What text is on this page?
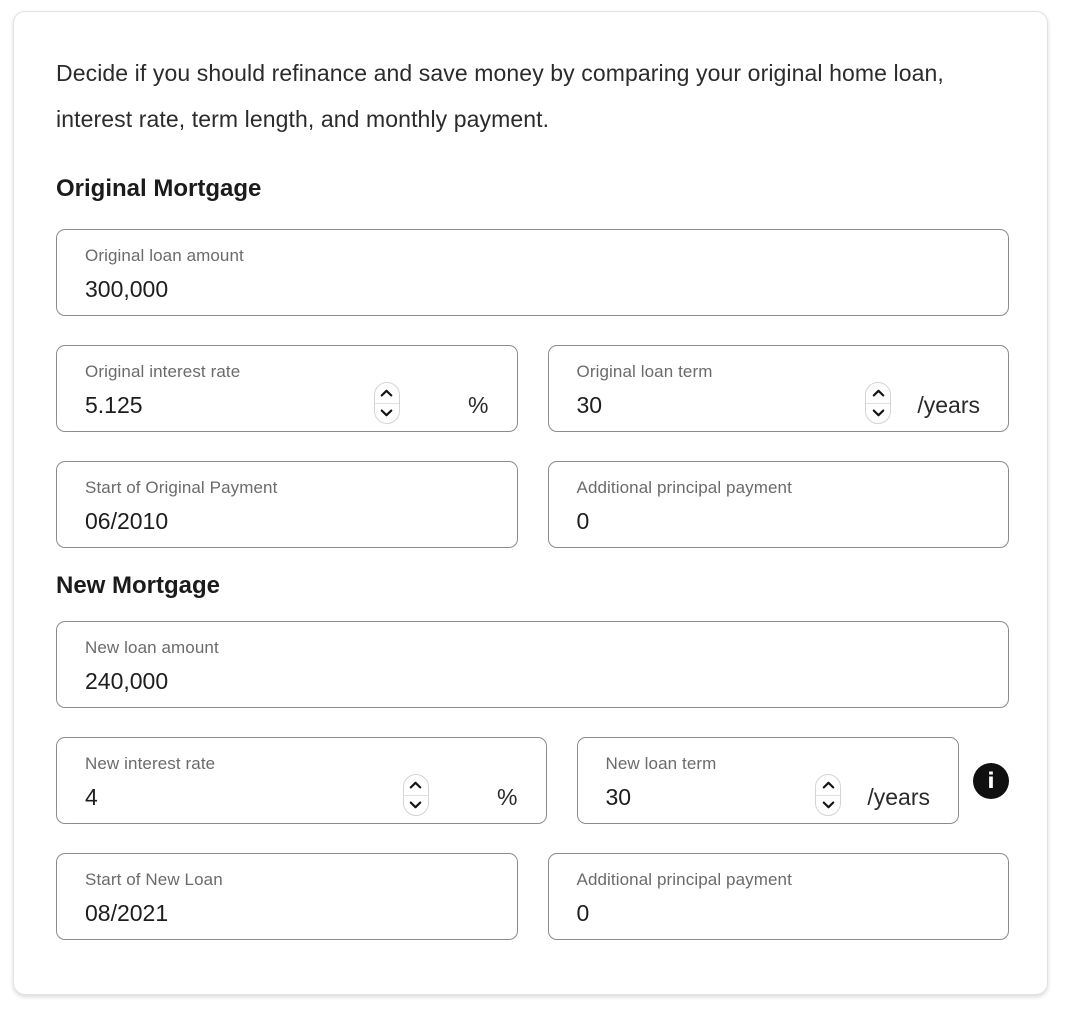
Decide if you should refinance and save money by comparing your original home loan, interest rate, term length, and monthly payment.

Original Mortgage
Original loan amount
300,000
Original interest rate
5.125
%
Original loan term
30
/years
Start of Original Payment
06/2010	Additional principal payment
0
New Mortgage
New loan amount
240,000
New interest rate
4
%
New loan term
30
/years
i
Start of New Loan
08/2021	Additional principal payment
0
